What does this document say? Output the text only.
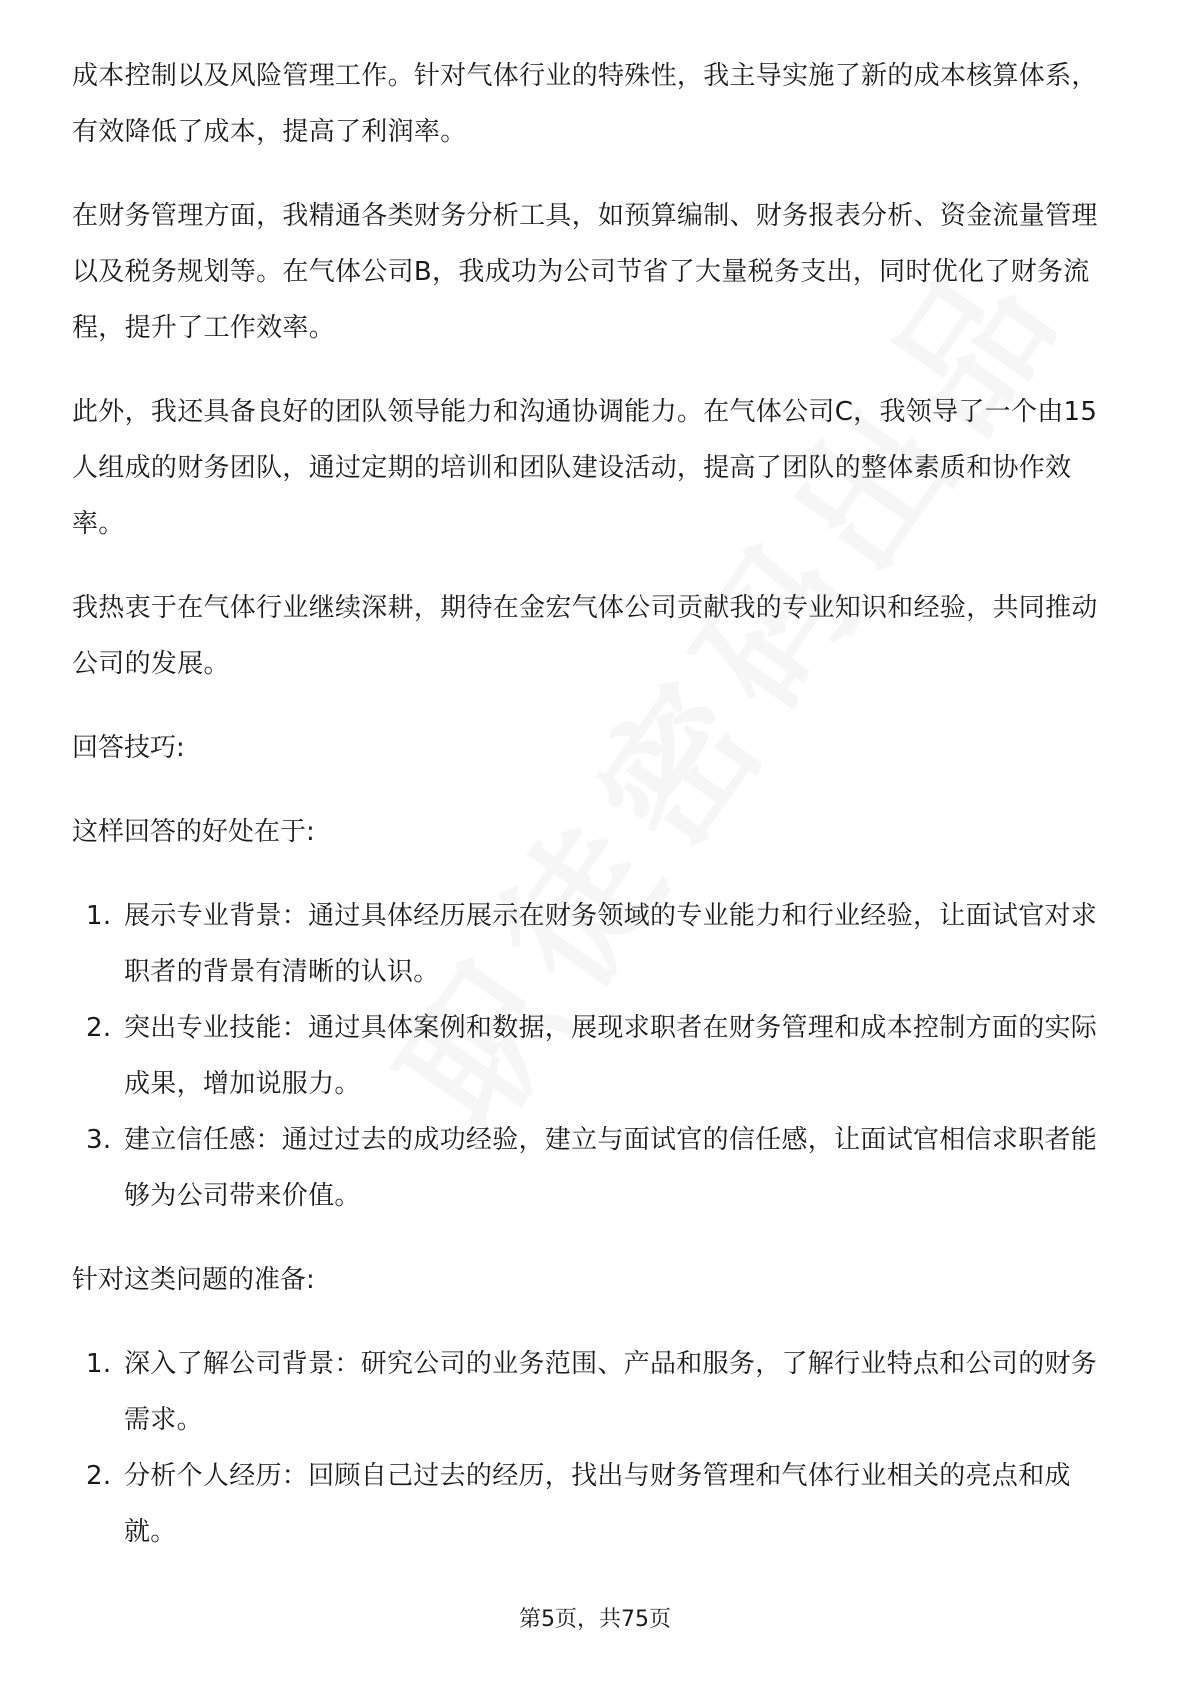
成本控制以及风险管理工作。针对气体行业的特殊性，我主导实施了新的成本核算体系，有效降低了成本，提高了利润率。

在财务管理方面，我精通各类财务分析工具，如预算编制、财务报表分析、资金流量管理以及税务规划等。在气体公司B，我成功为公司节省了大量税务支出，同时优化了财务流程，提升了工作效率。

此外，我还具备良好的团队领导能力和沟通协调能力。在气体公司C，我领导了一个由15人组成的财务团队，通过定期的培训和团队建设活动，提高了团队的整体素质和协作效率。

我热衷于在气体行业继续深耕，期待在金宏气体公司贡献我的专业知识和经验，共同推动公司的发展。

回答技巧:
这样回答的好处在于:
1. 展示专业背景：通过具体经历展示在财务领域的专业能力和行业经验，让面试官对求职者的背景有清晰的认识。
2. 突出专业技能：通过具体案例和数据，展现求职者在财务管理和成本控制方面的实际成果，增加说服力。
3. 建立信任感：通过过去的成功经验，建立与面试官的信任感，让面试官相信求职者能够为公司带来价值。
针对这类问题的准备:
1. 深入了解公司背景：研究公司的业务范围、产品和服务，了解行业特点和公司的财务需求。
2. 分析个人经历：回顾自己过去的经历，找出与财务管理和气体行业相关的亮点和成就。
第5页，共75页
